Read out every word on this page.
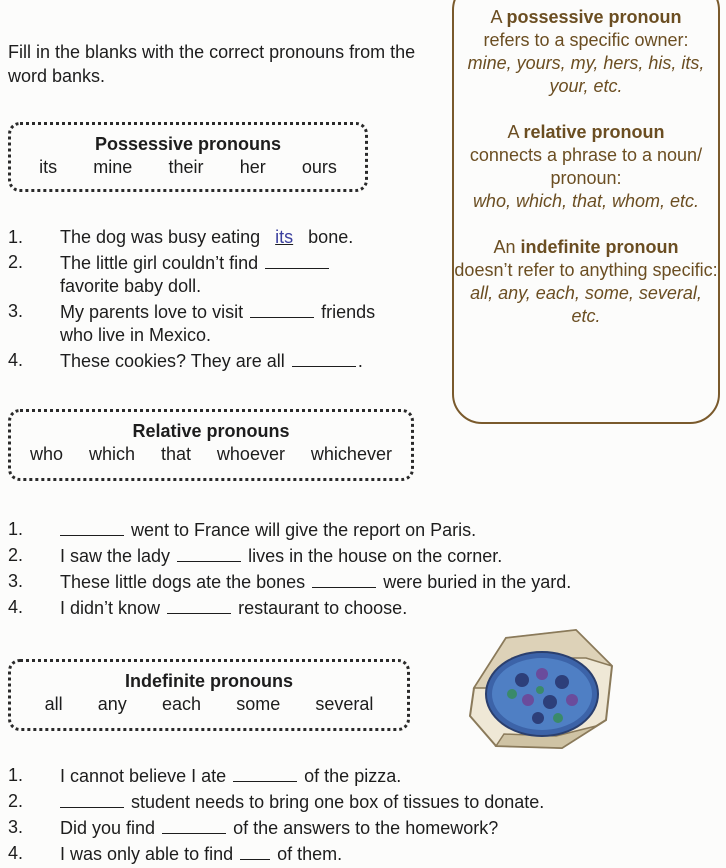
Fill in the blanks with the correct pronouns from the word banks.
A possessive pronoun
refers to a specific owner:
mine, yours, my, hers, his, its, your, etc.
A relative pronoun
connects a phrase to a noun/ pronoun:
who, which, that, whom, etc.
An indefinite pronoun
doesn’t refer to anything specific:
all, any, each, some, several, etc.
Possessive pronouns
its mine their her ours
1. The dog was busy eating its bone.
2. The little girl couldn’t find
favorite baby doll.
3. My parents love to visit	friends
who live in Mexico.
4. These cookies? They are all	.
Relative pronouns
who which that whoever whichever
1.	went to France will give the report on Paris.
2. I saw the lady	lives in the house on the corner.
3. These little dogs ate the bones	were buried in the yard.
4. I didn’t know	restaurant to choose.
Indefinite pronouns
all any each some several
1. I cannot believe I ate	of the pizza.
2.	student needs to bring one box of tissues to donate.
3. Did you find	of the answers to the homework?
4. I was only able to find of them.
